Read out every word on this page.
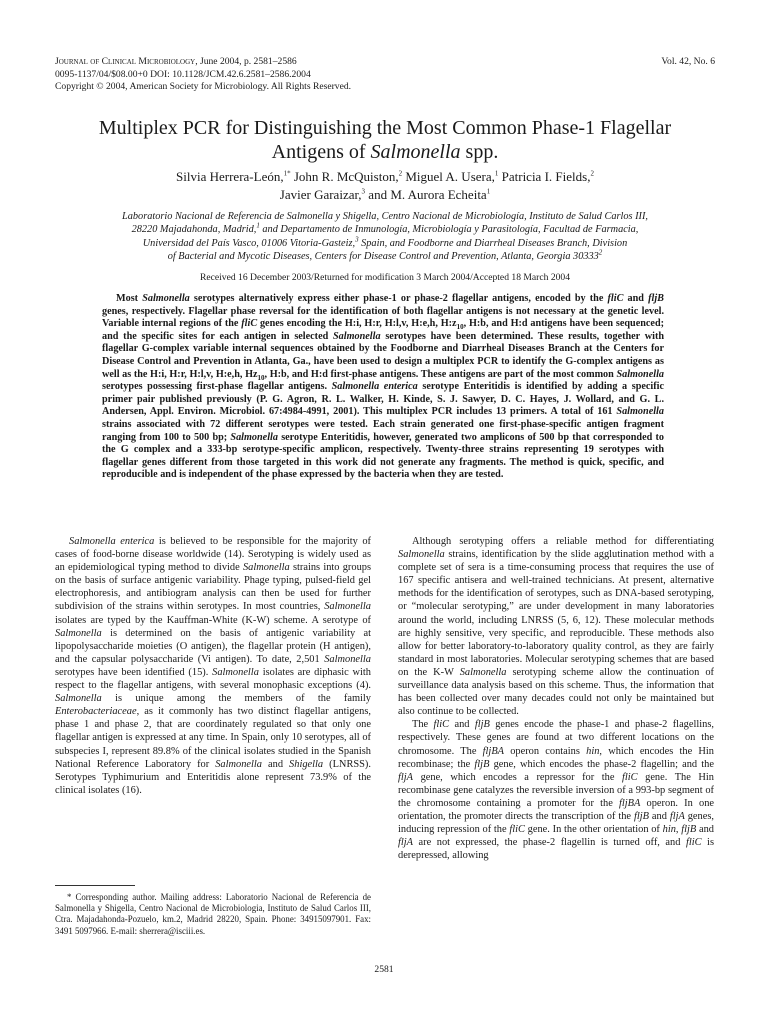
Journal of Clinical Microbiology, June 2004, p. 2581–2586
0095-1137/04/$08.00+0 DOI: 10.1128/JCM.42.6.2581–2586.2004
Copyright © 2004, American Society for Microbiology. All Rights Reserved.
Vol. 42, No. 6
Multiplex PCR for Distinguishing the Most Common Phase-1 Flagellar
Antigens of Salmonella spp.
Silvia Herrera-León,$^{1*}$ John R. McQuiston,$^2$ Miguel A. Usera,$^1$ Patricia I. Fields,$^2$
Javier Garaizar,$^3$ and M. Aurora Echeita$^1$
Laboratorio Nacional de Referencia de Salmonella y Shigella, Centro Nacional de Microbiología, Instituto de Salud Carlos III,
28220 Majadahonda, Madrid,$^1$ and Departamento de Inmunología, Microbiología y Parasitología, Facultad de Farmacia,
Universidad del País Vasco, 01006 Vitoria-Gasteiz,$^3$ Spain, and Foodborne and Diarrheal Diseases Branch, Division
of Bacterial and Mycotic Diseases, Centers for Disease Control and Prevention, Atlanta, Georgia 30333$^2$
Received 16 December 2003/Returned for modification 3 March 2004/Accepted 18 March 2004

Most Salmonella serotypes alternatively express either phase-1 or phase-2 flagellar antigens, encoded by the fliC and fljB genes, respectively. Flagellar phase reversal for the identification of both flagellar antigens is not necessary at the genetic level. Variable internal regions of the fliC genes encoding the H:i, H:r, H:l,v, H:e,h, $H:z_{10}$, H:b, and H:d antigens have been sequenced; and the specific sites for each antigen in selected Salmonella serotypes have been determined. These results, together with flagellar G-complex variable internal sequences obtained by the Foodborne and Diarrheal Diseases Branch at the Centers for Disease Control and Prevention in Atlanta, Ga., have been used to design a multiplex PCR to identify the G-complex antigens as well as the H:i, H:r, H:l,v, H:e,h, $Hz_{10}$, H:b, and H:d first-phase antigens. These antigens are part of the most common Salmonella serotypes possessing first-phase flagellar antigens. Salmonella enterica serotype Enteritidis is identified by adding a specific primer pair published previously (P. G. Agron, R. L. Walker, H. Kinde, S. J. Sawyer, D. C. Hayes, J. Wollard, and G. L. Andersen, Appl. Environ. Microbiol. 67:4984-4991, 2001). This multiplex PCR includes 13 primers. A total of 161 Salmonella strains associated with 72 different serotypes were tested. Each strain generated one first-phase-specific antigen fragment ranging from 100 to 500 bp; Salmonella serotype Enteritidis, however, generated two amplicons of 500 bp that corresponded to the G complex and a 333-bp serotype-specific amplicon, respectively. Twenty-three strains representing 19 serotypes with flagellar genes different from those targeted in this work did not generate any fragments. The method is quick, specific, and reproducible and is independent of the phase expressed by the bacteria when they are tested.

Salmonella enterica is believed to be responsible for the majority of cases of food-borne disease worldwide (14). Serotyping is widely used as an epidemiological typing method to divide Salmonella strains into groups on the basis of surface antigenic variability. Phage typing, pulsed-field gel electrophoresis, and antibiogram analysis can then be used for further subdivision of the strains within serotypes. In most countries, Salmonella isolates are typed by the Kauffman-White (K-W) scheme. A serotype of Salmonella is determined on the basis of antigenic variability at lipopolysaccharide moieties (O antigen), the flagellar protein (H antigen), and the capsular polysaccharide (Vi antigen). To date, 2,501 Salmonella serotypes have been identified (15). Salmonella isolates are diphasic with respect to the flagellar antigens, with several monophasic exceptions (4). Salmonella is unique among the members of the family Enterobacteriaceae, as it commonly has two distinct flagellar antigens, phase 1 and phase 2, that are coordinately regulated so that only one flagellar antigen is expressed at any time. In Spain, only 10 serotypes, all of subspecies I, represent 89.8% of the clinical isolates studied in the Spanish National Reference Laboratory for Salmonella and Shigella (LNRSS). Serotypes Typhimurium and Enteritidis alone represent 73.9% of the clinical isolates (16).

Although serotyping offers a reliable method for differentiating Salmonella strains, identification by the slide agglutination method with a complete set of sera is a time-consuming process that requires the use of 167 specific antisera and well-trained technicians. At present, alternative methods for the identification of serotypes, such as DNA-based serotyping, or “molecular serotyping,” are under development in many laboratories around the world, including LNRSS (5, 6, 12). These molecular methods are highly sensitive, very specific, and reproducible. These methods also allow for better laboratory-to-laboratory quality control, as they are fairly standard in most laboratories. Molecular serotyping schemes that are based on the K-W Salmonella serotyping scheme allow the continuation of surveillance data analysis based on this scheme. Thus, the information that has been collected over many decades could not only be maintained but also continue to be collected.

The fliC and fljB genes encode the phase-1 and phase-2 flagellins, respectively. These genes are found at two different locations on the chromosome. The fljBA operon contains hin, which encodes the Hin recombinase; the fljB gene, which encodes the phase-2 flagellin; and the fljA gene, which encodes a repressor for the fliC gene. The Hin recombinase gene catalyzes the reversible inversion of a 993-bp segment of the chromosome containing a promoter for the fljBA operon. In one orientation, the promoter directs the transcription of the fljB and fljA genes, inducing repression of the fliC gene. In the other orientation of hin, fljB and fljA are not expressed, the phase-2 flagellin is turned off, and fliC is derepressed, allowing

* Corresponding author. Mailing address: Laboratorio Nacional de Referencia de Salmonella y Shigella, Centro Nacional de Microbiologia, Instituto de Salud Carlos III, Ctra. Majadahonda-Pozuelo, km.2, Madrid 28220, Spain. Phone: 34915097901. Fax: 3491 5097966. E-mail: sherrera@isciii.es.
2581
